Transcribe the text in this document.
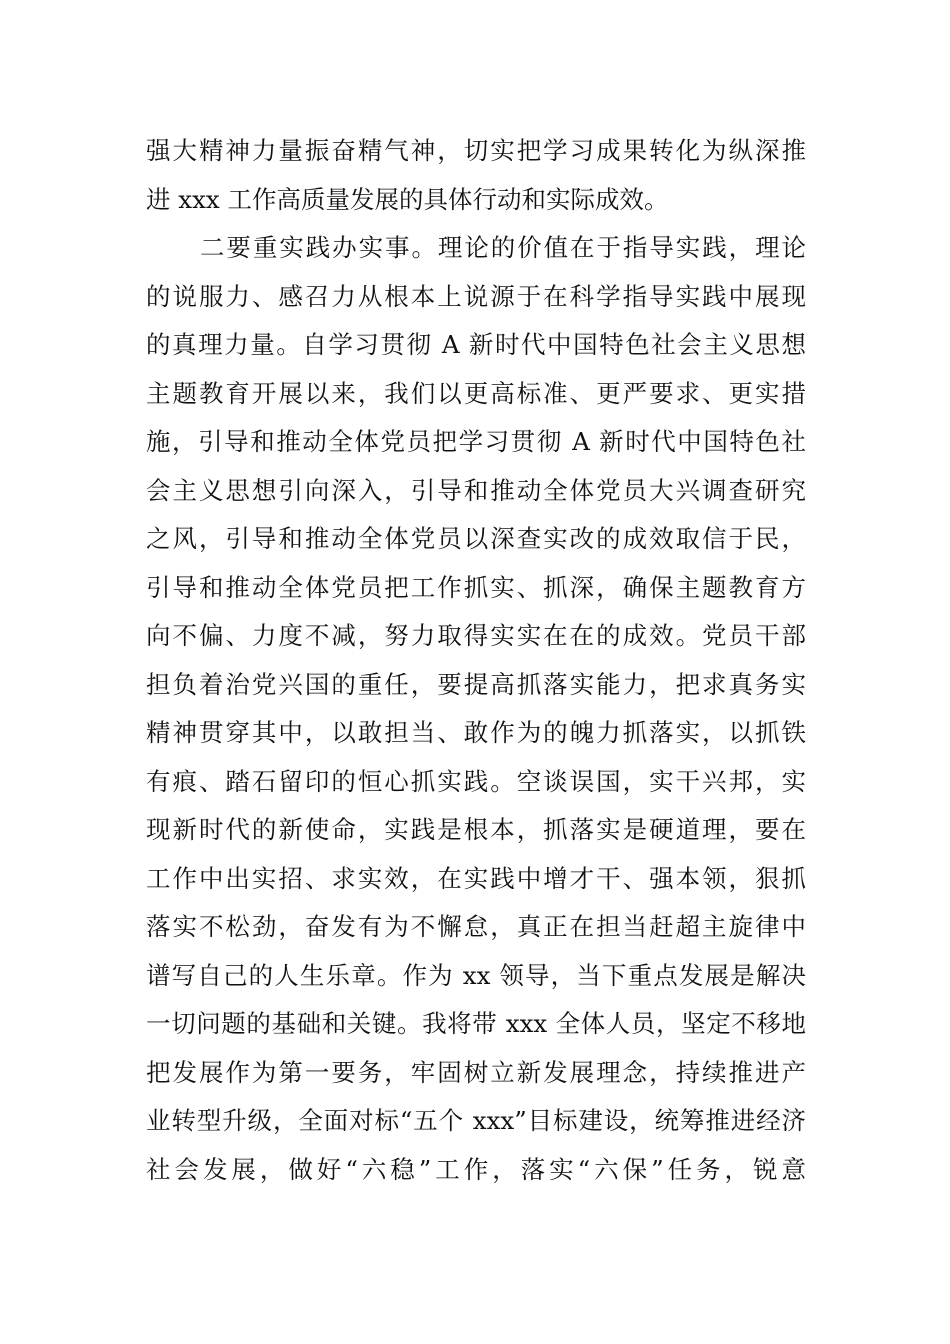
强大精神力量振奋精气神，切实把学习成果转化为纵深推
进 xxx 工作高质量发展的具体行动和实际成效。
二要重实践办实事。理论的价值在于指导实践，理论
的说服力、感召力从根本上说源于在科学指导实践中展现
的真理力量。自学习贯彻 A 新时代中国特色社会主义思想
主题教育开展以来，我们以更高标准、更严要求、更实措
施，引导和推动全体党员把学习贯彻 A 新时代中国特色社
会主义思想引向深入，引导和推动全体党员大兴调查研究
之风，引导和推动全体党员以深查实改的成效取信于民，
引导和推动全体党员把工作抓实、抓深，确保主题教育方
向不偏、力度不减，努力取得实实在在的成效。党员干部
担负着治党兴国的重任，要提高抓落实能力，把求真务实
精神贯穿其中，以敢担当、敢作为的魄力抓落实，以抓铁
有痕、踏石留印的恒心抓实践。空谈误国，实干兴邦，实
现新时代的新使命，实践是根本，抓落实是硬道理，要在
工作中出实招、求实效，在实践中增才干、强本领，狠抓
落实不松劲，奋发有为不懈怠，真正在担当赶超主旋律中
谱写自己的人生乐章。作为 xx 领导，当下重点发展是解决
一切问题的基础和关键。我将带 xxx 全体人员，坚定不移地
把发展作为第一要务，牢固树立新发展理念，持续推进产
业转型升级，全面对标“五个 xxx”目标建设，统筹推进经济
社会发展，做好“六稳”工作，落实“六保”任务，锐意
